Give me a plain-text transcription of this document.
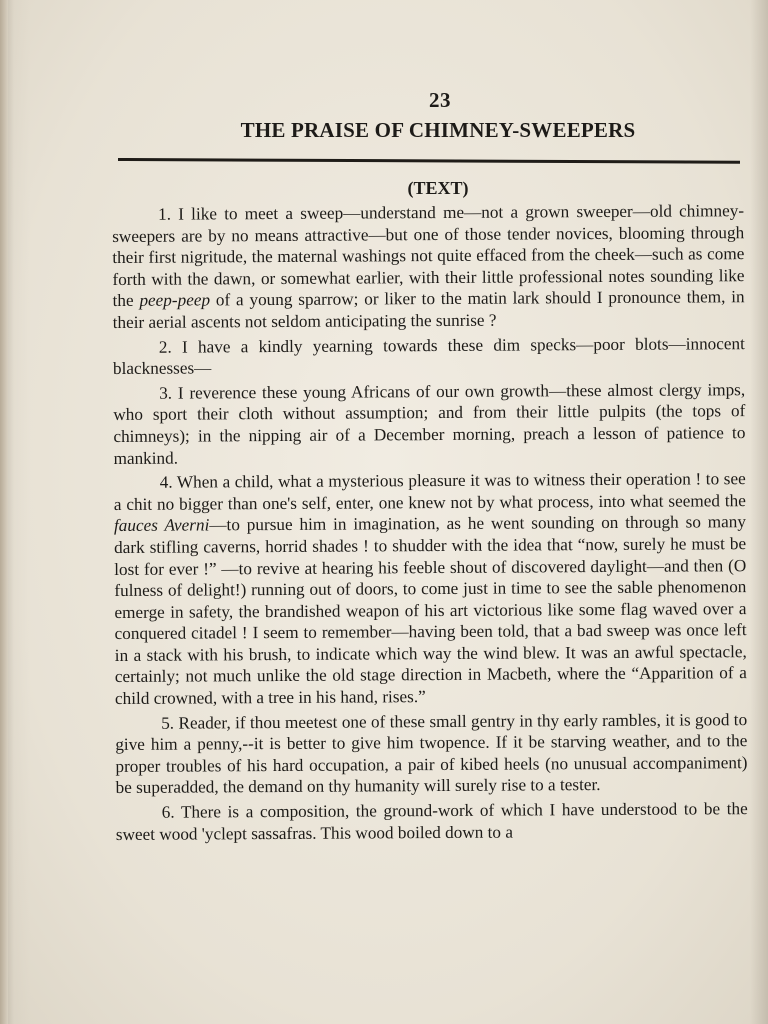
23
THE PRAISE OF CHIMNEY-SWEEPERS
(TEXT)

1. I like to meet a sweep—understand me—not a grown sweeper—old chimney-sweepers are by no means attractive—but one of those tender novices, blooming through their first nigritude, the maternal washings not quite effaced from the cheek—such as come forth with the dawn, or somewhat earlier, with their little professional notes sounding like the peep-peep of a young sparrow; or liker to the matin lark should I pronounce them, in their aerial ascents not seldom anticipating the sunrise ?

2. I have a kindly yearning towards these dim specks—poor blots—innocent blacknesses—

3. I reverence these young Africans of our own growth—these almost clergy imps, who sport their cloth without assumption; and from their little pulpits (the tops of chimneys); in the nipping air of a December morning, preach a lesson of patience to mankind.

4. When a child, what a mysterious pleasure it was to witness their operation ! to see a chit no bigger than one's self, enter, one knew not by what process, into what seemed the fauces Averni—to pursue him in imagination, as he went sounding on through so many dark stifling caverns, horrid shades ! to shudder with the idea that “now, surely he must be lost for ever !” —to revive at hearing his feeble shout of discovered daylight—and then (O fulness of delight!) running out of doors, to come just in time to see the sable phenomenon emerge in safety, the brandished weapon of his art victorious like some flag waved over a conquered citadel ! I seem to remember—having been told, that a bad sweep was once left in a stack with his brush, to indicate which way the wind blew. It was an awful spectacle, certainly; not much unlike the old stage direction in Macbeth, where the “Apparition of a child crowned, with a tree in his hand, rises.”

5. Reader, if thou meetest one of these small gentry in thy early rambles, it is good to give him a penny,--it is better to give him twopence. If it be starving weather, and to the proper troubles of his hard occupation, a pair of kibed heels (no unusual accompaniment) be superadded, the demand on thy humanity will surely rise to a tester.

6. There is a composition, the ground-work of which I have understood to be the sweet wood 'yclept sassafras. This wood boiled down to a
